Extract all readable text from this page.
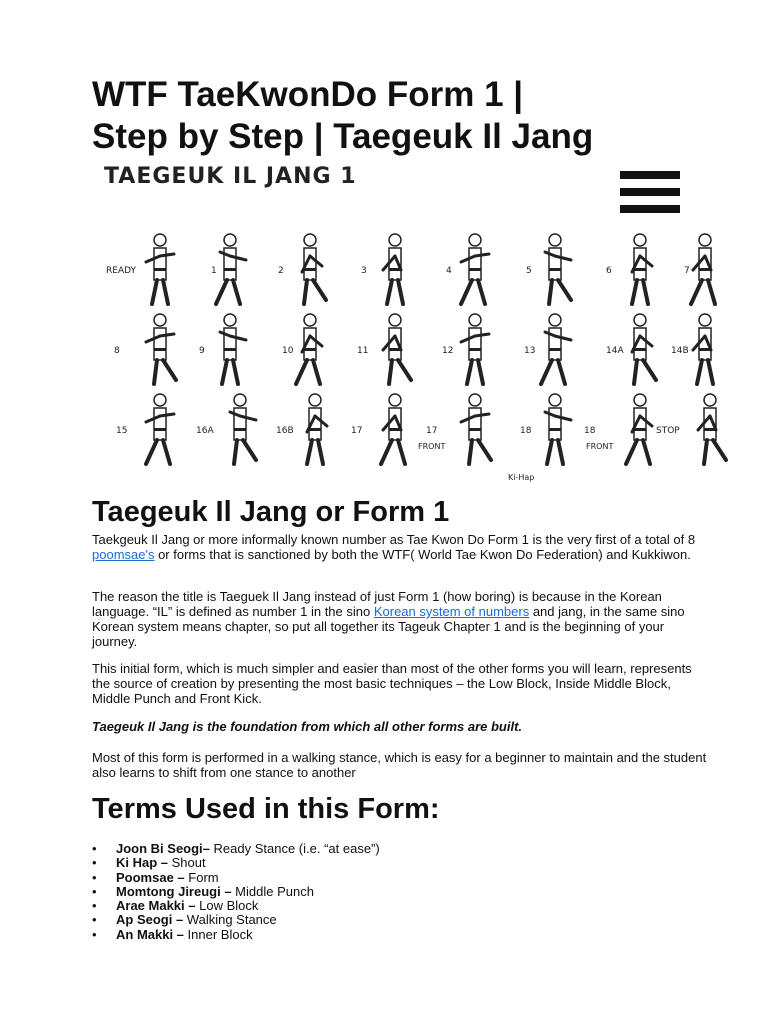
WTF TaeKwonDo Form 1 |
Step by Step | Taegeuk Il Jang
TAEGEUK IL JANG 1
READY	1	2	3	4	5	6	7
8	9	10	11	12	13	14A	14B
15	16A	16B	17	17	18	18	STOP
FRONT	FRONT
Ki-Hap
Taegeuk Il Jang or Form 1

Taekgeuk Il Jang or more informally known number as Tae Kwon Do Form 1 is the very first of a total of 8 poomsae's or forms that is sanctioned by both the WTF( World Tae Kwon Do Federation) and Kukkiwon.

The reason the title is Taeguek Il Jang instead of just Form 1 (how boring) is because in the Korean language. “IL” is defined as number 1 in the sino Korean system of numbers and jang, in the same sino Korean system means chapter, so put all together its Tageuk Chapter 1 and is the beginning of your journey.

This initial form, which is much simpler and easier than most of the other forms you will learn, represents the source of creation by presenting the most basic techniques – the Low Block, Inside Middle Block, Middle Punch and Front Kick.

Taegeuk Il Jang is the foundation from which all other forms are built.

Most of this form is performed in a walking stance, which is easy for a beginner to maintain and the student also learns to shift from one stance to another

Terms Used in this Form:
• Joon Bi Seogi– Ready Stance (i.e. “at ease”)
• Ki Hap – Shout
• Poomsae – Form
• Momtong Jireugi – Middle Punch
• Arae Makki – Low Block
• Ap Seogi – Walking Stance
• An Makki – Inner Block
